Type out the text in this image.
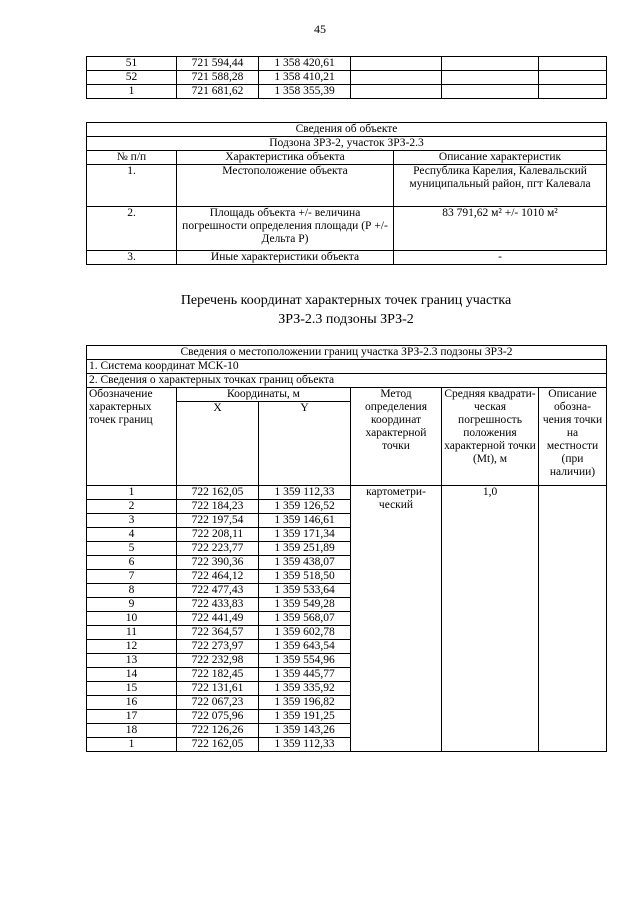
45
51	721 594,44	1 358 420,61			
52	721 588,28	1 358 410,21			
1	721 681,62	1 358 355,39			
Сведения об объекте		
Подзона ЗРЗ-2, участок ЗРЗ-2.3		
№ п/п	Характеристика объекта	Описание характеристик
1.	Местоположение объекта	Республика Карелия, Калевальский муниципальный район, пгт Калевала
2.	Площадь объекта +/- величина погрешности определения площади (Р +/- Дельта Р)	83 791,62 м² +/- 1010 м²
3.	Иные характеристики объекта	-
Перечень координат характерных точек границ участка
ЗРЗ-2.3 подзоны ЗРЗ-2
Сведения о местоположении границ участка ЗРЗ-2.3 подзоны ЗРЗ-2					
1. Система координат МСК-10					
2. Сведения о характерных точках границ объекта					
Обозначение характерных точек границ	Координаты, м		Метод определения координат характерной точки	Средняя квадрати-ческая погрешность положения характерной точки (Mt), м	Описание обозна-чения точки на местности (при наличии)
	X	Y			
1	722 162,05	1 359 112,33	картометри-ческий	1,0	
2	722 184,23	1 359 126,52			
3	722 197,54	1 359 146,61			
4	722 208,11	1 359 171,34			
5	722 223,77	1 359 251,89			
6	722 390,36	1 359 438,07			
7	722 464,12	1 359 518,50			
8	722 477,43	1 359 533,64			
9	722 433,83	1 359 549,28			
10	722 441,49	1 359 568,07			
11	722 364,57	1 359 602,78			
12	722 273,97	1 359 643,54			
13	722 232,98	1 359 554,96			
14	722 182,45	1 359 445,77			
15	722 131,61	1 359 335,92			
16	722 067,23	1 359 196,82			
17	722 075,96	1 359 191,25			
18	722 126,26	1 359 143,26			
1	722 162,05	1 359 112,33			
